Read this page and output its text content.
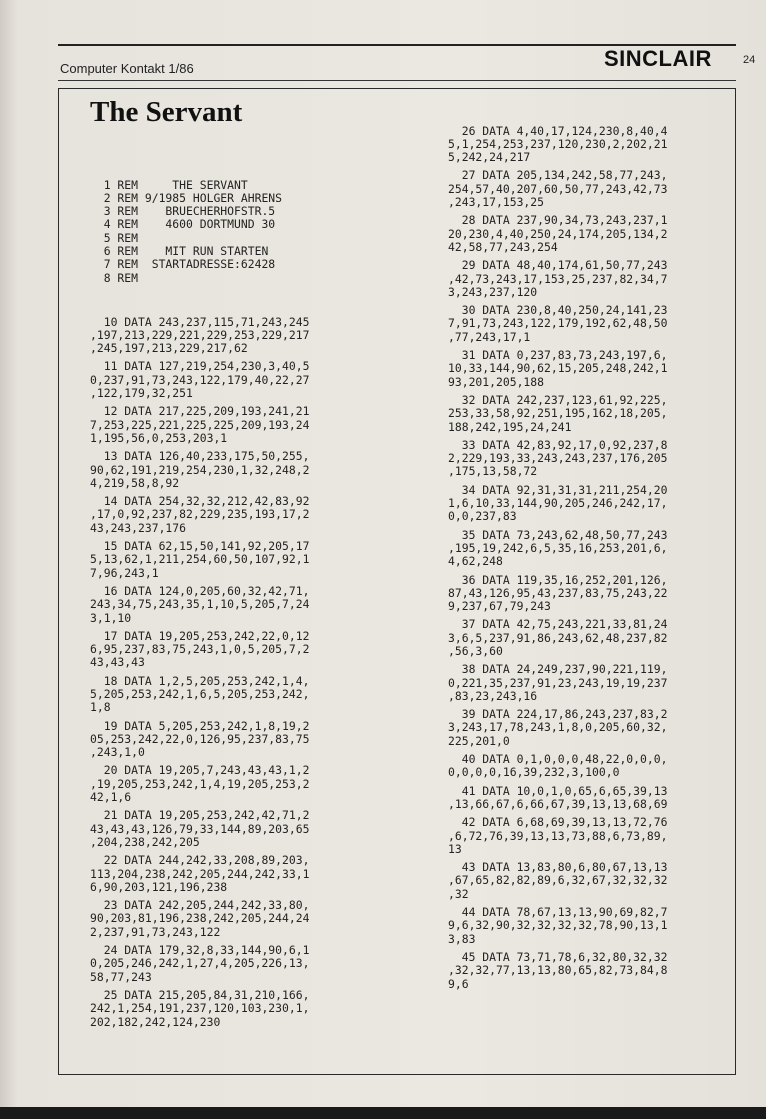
Computer Kontakt 1/86	SINCLAIR	24
The Servant

1 REM     THE SERVANT
2 REM 9/1985 HOLGER AHRENS
3 REM    BRUECHERHOFSTR.5
4 REM    4600 DORTMUND 30
5 REM
6 REM    MIT RUN STARTEN
7 REM  STARTADRESSE:62428
8 REM

10 DATA 243,237,115,71,243,245
,197,213,229,221,229,253,229,217
,245,197,213,229,217,62
11 DATA 127,219,254,230,3,40,5
0,237,91,73,243,122,179,40,22,27
,122,179,32,251
12 DATA 217,225,209,193,241,21
7,253,225,221,225,225,209,193,24
1,195,56,0,253,203,1
13 DATA 126,40,233,175,50,255,
90,62,191,219,254,230,1,32,248,2
4,219,58,8,92
14 DATA 254,32,32,212,42,83,92
,17,0,92,237,82,229,235,193,17,2
43,243,237,176
15 DATA 62,15,50,141,92,205,17
5,13,62,1,211,254,60,50,107,92,1
7,96,243,1
16 DATA 124,0,205,60,32,42,71,
243,34,75,243,35,1,10,5,205,7,24
3,1,10
17 DATA 19,205,253,242,22,0,12
6,95,237,83,75,243,1,0,5,205,7,2
43,43,43
18 DATA 1,2,5,205,253,242,1,4,
5,205,253,242,1,6,5,205,253,242,
1,8
19 DATA 5,205,253,242,1,8,19,2
05,253,242,22,0,126,95,237,83,75
,243,1,0
20 DATA 19,205,7,243,43,43,1,2
,19,205,253,242,1,4,19,205,253,2
42,1,6
21 DATA 19,205,253,242,42,71,2
43,43,43,126,79,33,144,89,203,65
,204,238,242,205
22 DATA 244,242,33,208,89,203,
113,204,238,242,205,244,242,33,1
6,90,203,121,196,238
23 DATA 242,205,244,242,33,80,
90,203,81,196,238,242,205,244,24
2,237,91,73,243,122
24 DATA 179,32,8,33,144,90,6,1
0,205,246,242,1,27,4,205,226,13,
58,77,243
25 DATA 215,205,84,31,210,166,
242,1,254,191,237,120,103,230,1,
202,182,242,124,230

26 DATA 4,40,17,124,230,8,40,4
5,1,254,253,237,120,230,2,202,21
5,242,24,217
27 DATA 205,134,242,58,77,243,
254,57,40,207,60,50,77,243,42,73
,243,17,153,25
28 DATA 237,90,34,73,243,237,1
20,230,4,40,250,24,174,205,134,2
42,58,77,243,254
29 DATA 48,40,174,61,50,77,243
,42,73,243,17,153,25,237,82,34,7
3,243,237,120
30 DATA 230,8,40,250,24,141,23
7,91,73,243,122,179,192,62,48,50
,77,243,17,1
31 DATA 0,237,83,73,243,197,6,
10,33,144,90,62,15,205,248,242,1
93,201,205,188
32 DATA 242,237,123,61,92,225,
253,33,58,92,251,195,162,18,205,
188,242,195,24,241
33 DATA 42,83,92,17,0,92,237,8
2,229,193,33,243,243,237,176,205
,175,13,58,72
34 DATA 92,31,31,31,211,254,20
1,6,10,33,144,90,205,246,242,17,
0,0,237,83
35 DATA 73,243,62,48,50,77,243
,195,19,242,6,5,35,16,253,201,6,
4,62,248
36 DATA 119,35,16,252,201,126,
87,43,126,95,43,237,83,75,243,22
9,237,67,79,243
37 DATA 42,75,243,221,33,81,24
3,6,5,237,91,86,243,62,48,237,82
,56,3,60
38 DATA 24,249,237,90,221,119,
0,221,35,237,91,23,243,19,19,237
,83,23,243,16
39 DATA 224,17,86,243,237,83,2
3,243,17,78,243,1,8,0,205,60,32,
225,201,0
40 DATA 0,1,0,0,0,48,22,0,0,0,
0,0,0,0,16,39,232,3,100,0
41 DATA 10,0,1,0,65,6,65,39,13
,13,66,67,6,66,67,39,13,13,68,69
42 DATA 6,68,69,39,13,13,72,76
,6,72,76,39,13,13,73,88,6,73,89,
13
43 DATA 13,83,80,6,80,67,13,13
,67,65,82,82,89,6,32,67,32,32,32
,32
44 DATA 78,67,13,13,90,69,82,7
9,6,32,90,32,32,32,32,78,90,13,1
3,83
45 DATA 73,71,78,6,32,80,32,32
,32,32,77,13,13,80,65,82,73,84,8
9,6
